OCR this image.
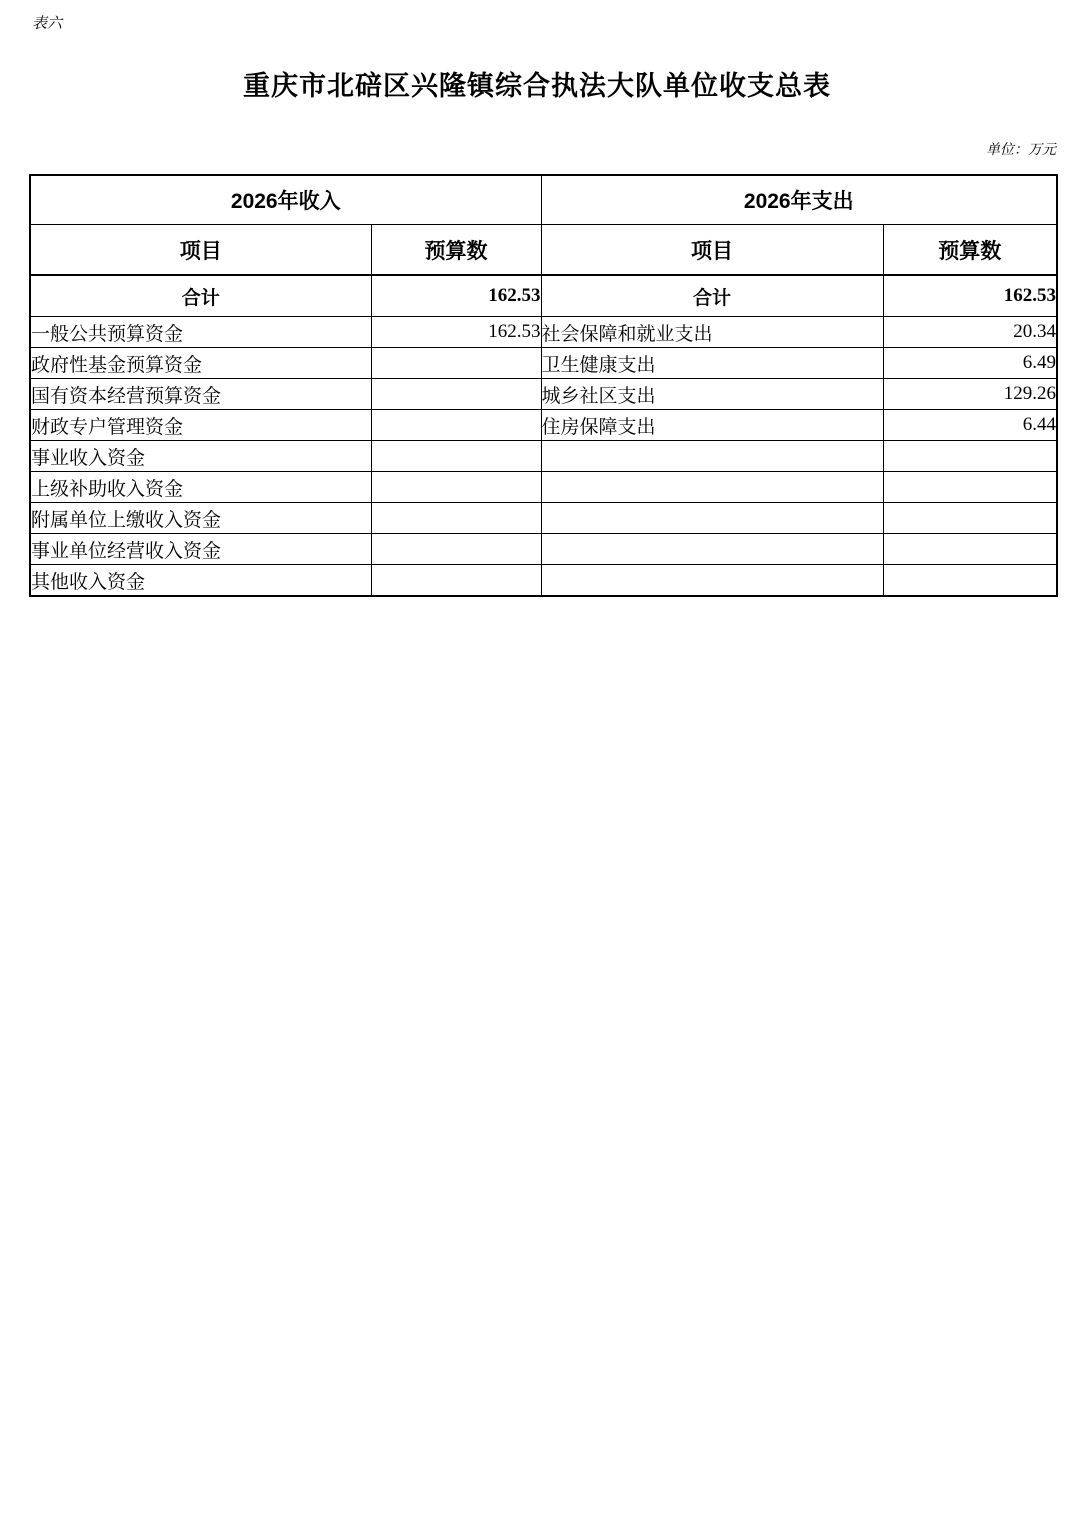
表六
重庆市北碚区兴隆镇综合执法大队单位收支总表
单位：万元
2026年收入		2026年支出	
项目	预算数	项目	预算数
合计	162.53	合计	162.53
一般公共预算资金	162.53	社会保障和就业支出	20.34
政府性基金预算资金		卫生健康支出	6.49
国有资本经营预算资金		城乡社区支出	129.26
财政专户管理资金		住房保障支出	6.44
事业收入资金			
上级补助收入资金			
附属单位上缴收入资金			
事业单位经营收入资金			
其他收入资金			
